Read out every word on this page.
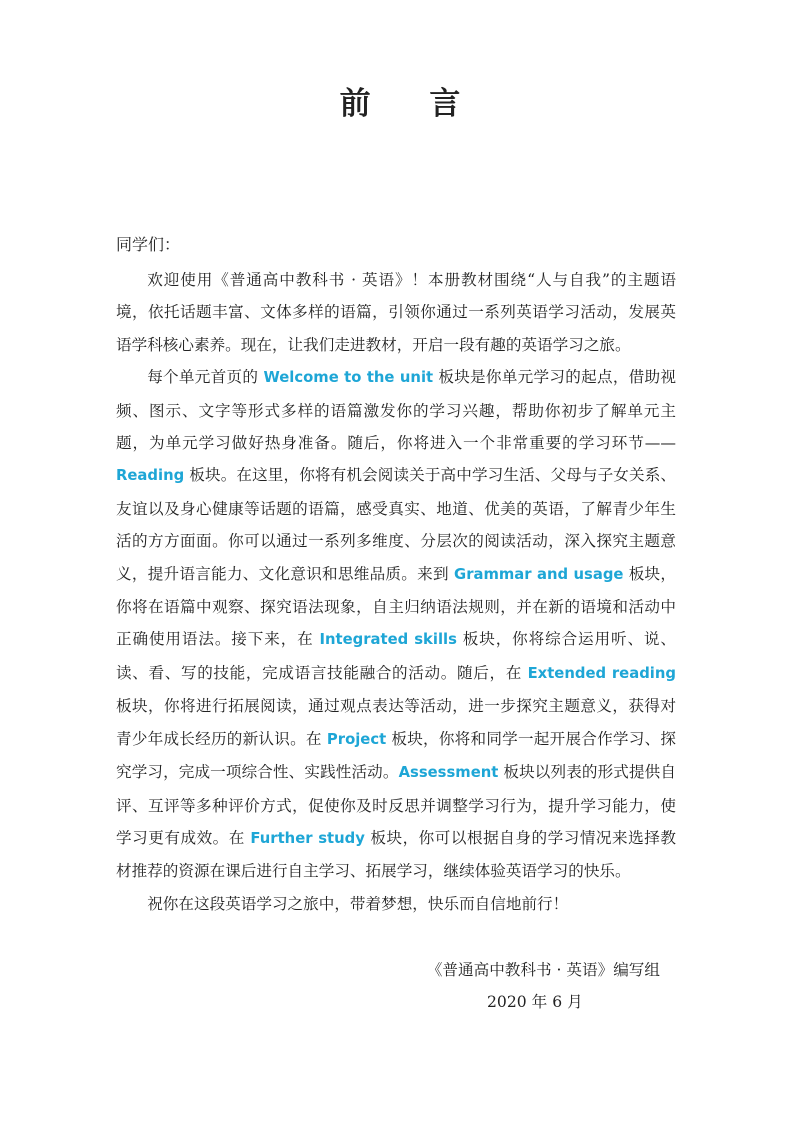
前 言

同学们：

欢迎使用《普通高中教科书 · 英语》！本册教材围绕“人与自我”的主题语境，依托话题丰富、文体多样的语篇，引领你通过一系列英语学习活动，发展英语学科核心素养。现在，让我们走进教材，开启一段有趣的英语学习之旅。

每个单元首页的 Welcome to the unit 板块是你单元学习的起点，借助视频、图示、文字等形式多样的语篇激发你的学习兴趣，帮助你初步了解单元主题，为单元学习做好热身准备。随后，你将进入一个非常重要的学习环节——Reading 板块。在这里，你将有机会阅读关于高中学习生活、父母与子女关系、友谊以及身心健康等话题的语篇，感受真实、地道、优美的英语，了解青少年生活的方方面面。你可以通过一系列多维度、分层次的阅读活动，深入探究主题意义，提升语言能力、文化意识和思维品质。来到 Grammar and usage 板块，你将在语篇中观察、探究语法现象，自主归纳语法规则，并在新的语境和活动中正确使用语法。接下来，在 Integrated skills 板块，你将综合运用听、说、读、看、写的技能，完成语言技能融合的活动。随后，在 Extended reading 板块，你将进行拓展阅读，通过观点表达等活动，进一步探究主题意义，获得对青少年成长经历的新认识。在 Project 板块，你将和同学一起开展合作学习、探究学习，完成一项综合性、实践性活动。Assessment 板块以列表的形式提供自评、互评等多种评价方式，促使你及时反思并调整学习行为，提升学习能力，使学习更有成效。在 Further study 板块，你可以根据自身的学习情况来选择教材推荐的资源在课后进行自主学习、拓展学习，继续体验英语学习的快乐。

祝你在这段英语学习之旅中，带着梦想，快乐而自信地前行！

《普通高中教科书 · 英语》编写组
2020 年 6 月
